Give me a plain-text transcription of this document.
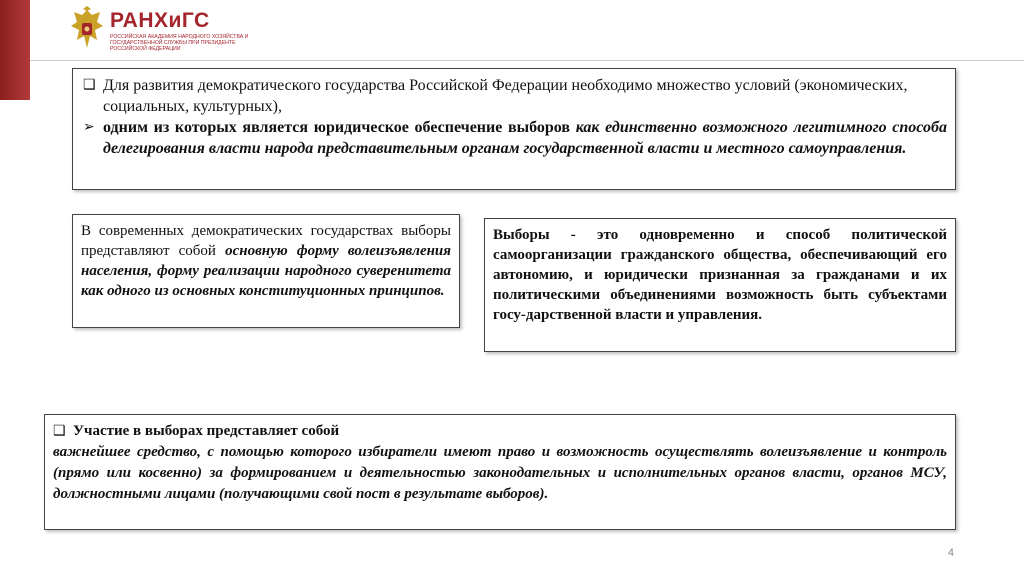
РАНХиГС
РОССИЙСКАЯ АКАДЕМИЯ НАРОДНОГО ХОЗЯЙСТВА И ГОСУДАРСТВЕННОЙ СЛУЖБЫ ПРИ ПРЕЗИДЕНТЕ РОССИЙСКОЙ ФЕДЕРАЦИИ
❑ Для развития демократического государства Российской Федерации необходимо множество условий (экономических, социальных, культурных),
➢ одним из которых является юридическое обеспечение выборов как единственно возможного легитимного способа делегирования власти народа представительным органам государственной власти и местного самоуправления.
В современных демократических государствах выборы представляют собой основную форму волеизъявления населения, форму реализации народного суверенитета как одного из основных конституционных принципов.
Выборы - это одновременно и способ политической самоорганизации гражданского общества, обеспечивающий его автономию, и юридически признанная за гражданами и их политическими объединениями возможность быть субъектами госу-дарственной власти и управления.
❑ Участие в выборах представляет собой
важнейшее средство, с помощью которого избиратели имеют право и возможность осуществлять волеизъявление и контроль (прямо или косвенно) за формированием и деятельностью законодательных и исполнительных органов власти, органов МСУ, должностными лицами (получающими свой пост в результате выборов).
4
